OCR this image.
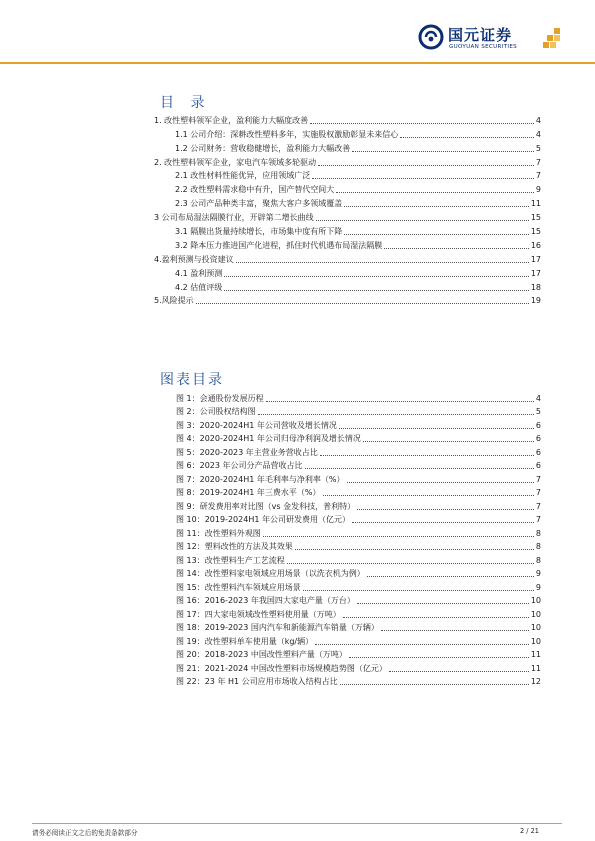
国元证券
GUOYUAN SECURITIES
目 录
1. 改性塑料领军企业，盈利能力大幅度改善	4
1.1 公司介绍：深耕改性塑料多年，实施股权激励彰显未来信心	4
1.2 公司财务：营收稳健增长，盈利能力大幅改善	5
2. 改性塑料领军企业，家电汽车领域多轮驱动	7
2.1 改性材料性能优异，应用领域广泛	7
2.2 改性塑料需求稳中有升，国产替代空间大	9
2.3 公司产品种类丰富，聚焦大客户多领域覆盖	11
3 公司布局湿法隔膜行业，开辟第二增长曲线	15
3.1 隔膜出货量持续增长，市场集中度有所下降	15
3.2 降本压力推进国产化进程，抓住时代机遇布局湿法隔膜	16
4.盈利预测与投资建议	17
4.1 盈利预测	17
4.2 估值评级	18
5.风险提示	19
图表目录
图 1：会通股份发展历程	4
图 2：公司股权结构图	5
图 3：2020-2024H1 年公司营收及增长情况	6
图 4：2020-2024H1 年公司归母净利润及增长情况	6
图 5：2020-2023 年主营业务营收占比	6
图 6：2023 年公司分产品营收占比	6
图 7：2020-2024H1 年毛利率与净利率（%）	7
图 8：2019-2024H1 年三费水平（%）	7
图 9：研发费用率对比图（vs 金发科技，普利特）	7
图 10：2019-2024H1 年公司研发费用（亿元）	7
图 11：改性塑料外观图	8
图 12：塑料改性的方法及其效果	8
图 13：改性塑料生产工艺流程	8
图 14：改性塑料家电领域应用场景（以洗衣机为例）	9
图 15：改性塑料汽车领域应用场景	9
图 16：2016-2023 年我国四大家电产量（万台）	10
图 17：四大家电领域改性塑料使用量（万吨）	10
图 18：2019-2023 国内汽车和新能源汽车销量（万辆）	10
图 19：改性塑料单车使用量（kg/辆）	10
图 20：2018-2023 中国改性塑料产量（万吨）	11
图 21：2021-2024 中国改性塑料市场规模趋势图（亿元）	11
图 22：23 年 H1 公司应用市场收入结构占比	12
请务必阅读正文之后的免责条款部分	2 / 21
